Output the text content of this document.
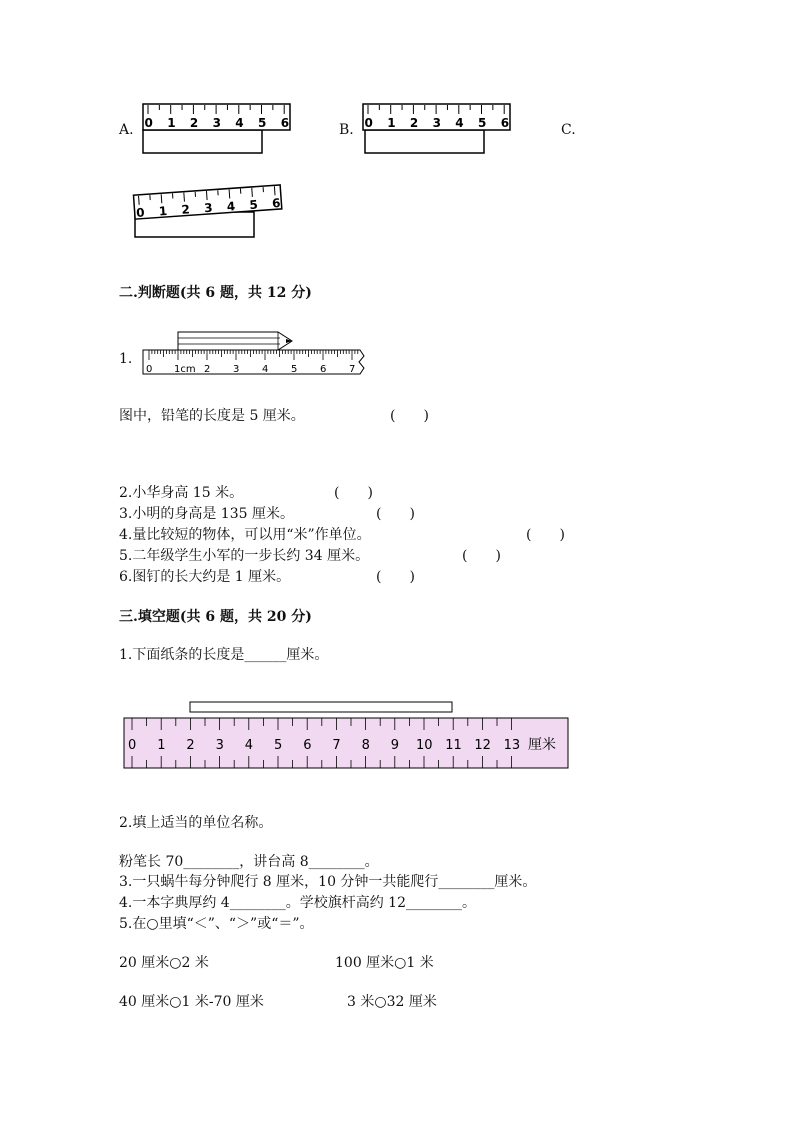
A. 0 1 2 3 4 5 6	B. 0 1 2 3 4 5 6	C.
0 1 2 3 4 5 6
二.判断题(共 6 题，共 12 分)
1.
0 1cm 2 3 4 5 6 7
图中，铅笔的长度是 5 厘米。	(　　)
2.小华身高 15 米。	(　　)
3.小明的身高是 135 厘米。	(　　)
4.量比较短的物体，可以用“米”作单位。	(　　)
5.二年级学生小军的一步长约 34 厘米。	(　　)
6.图钉的长大约是 1 厘米。	(　　)
三.填空题(共 6 题，共 20 分)
1.下面纸条的长度是______厘米。
0 1 2 3 4 5 6 7 8 9 10 11 12 13 厘米
2.填上适当的单位名称。
粉笔长 70________，讲台高 8________。
3.一只蜗牛每分钟爬行 8 厘米，10 分钟一共能爬行________厘米。
4.一本字典厚约 4________。学校旗杆高约 12________。
5.在○里填“＜”、“＞”或“＝”。
20 厘米○2 米	100 厘米○1 米
40 厘米○1 米-70 厘米	3 米○32 厘米
